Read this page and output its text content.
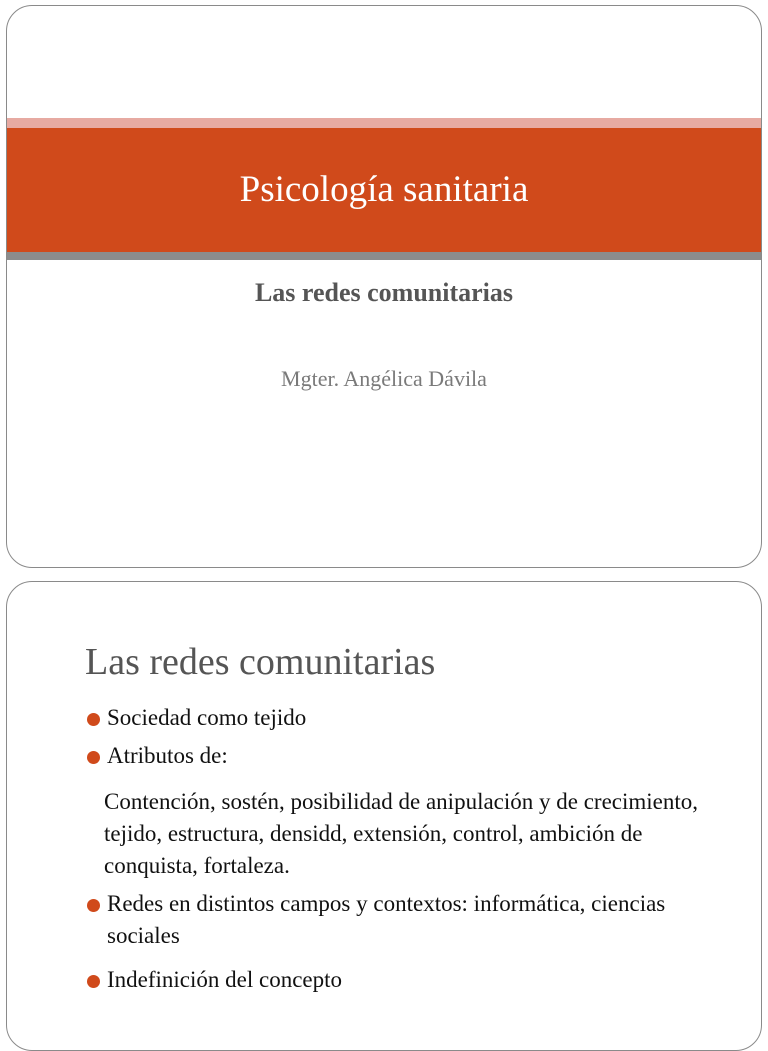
Psicología sanitaria
Las redes comunitarias
Mgter. Angélica Dávila
Las redes comunitarias
Sociedad como tejido
Atributos de:
Contención, sostén, posibilidad de anipulación y de crecimiento, tejido, estructura, densidd, extensión, control, ambición de conquista, fortaleza.
Redes en distintos campos y contextos: informática, ciencias sociales
Indefinición del concepto
